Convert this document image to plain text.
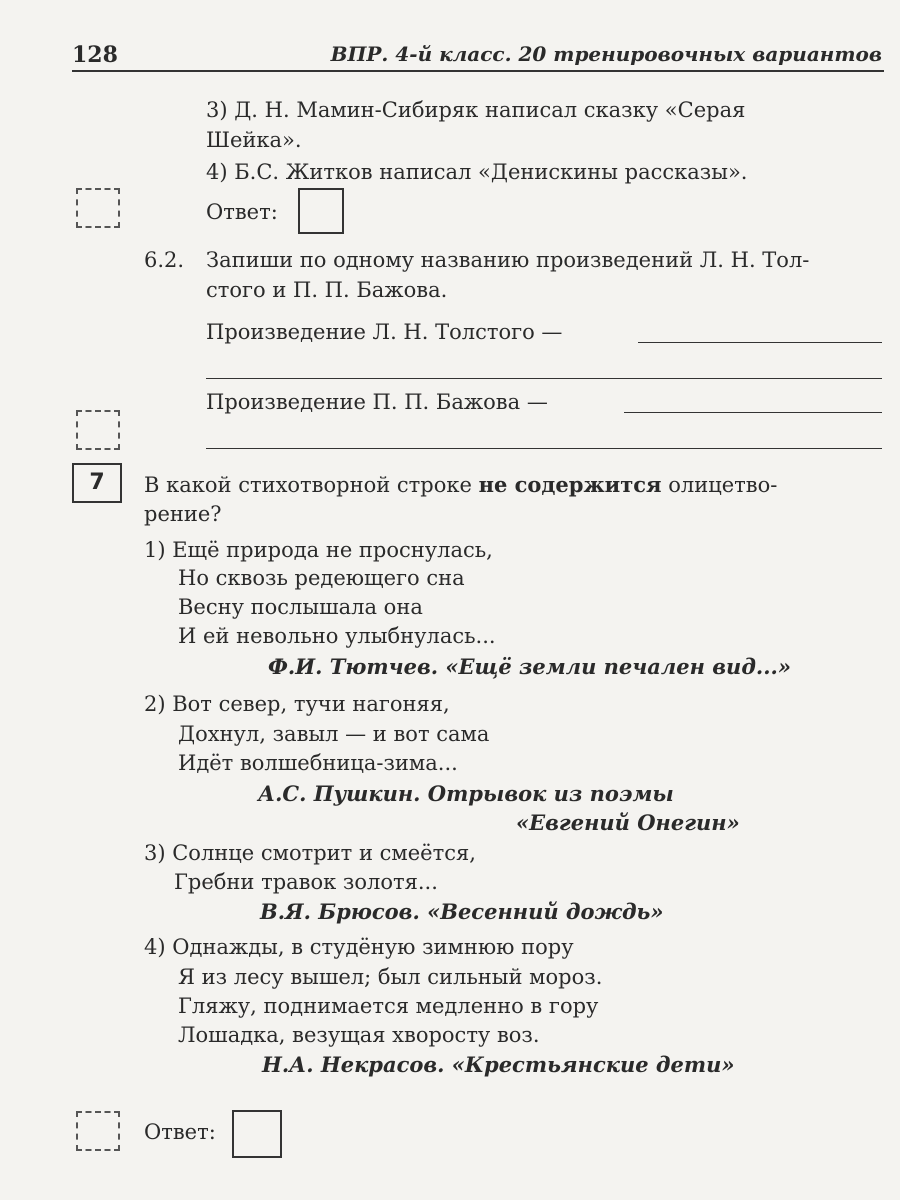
128	ВПР. 4-й класс. 20 тренировочных вариантов
3) Д. Н. Мамин-Сибиряк написал сказку «Серая
Шейка».
4) Б.С. Житков написал «Денискины рассказы».
Ответ:
6.2. Запиши по одному названию произведений Л. Н. Тол-
стого и П. П. Бажова.
Произведение Л. Н. Толстого —
Произведение П. П. Бажова —
7	В какой стихотворной строке не содержится олицетво-
рение?
1) Ещё природа не проснулась,
Но сквозь редеющего сна
Весну послышала она
И ей невольно улыбнулась...
Ф.И. Тютчев. «Ещё земли печален вид...»
2) Вот север, тучи нагоняя,
Дохнул, завыл — и вот сама
Идёт волшебница-зима...
А.С. Пушкин. Отрывок из поэмы
«Евгений Онегин»
3) Солнце смотрит и смеётся,
Гребни травок золотя...
В.Я. Брюсов. «Весенний дождь»
4) Однажды, в студёную зимнюю пору
Я из лесу вышел; был сильный мороз.
Гляжу, поднимается медленно в гору
Лошадка, везущая хворосту воз.
Н.А. Некрасов. «Крестьянские дети»
Ответ:
